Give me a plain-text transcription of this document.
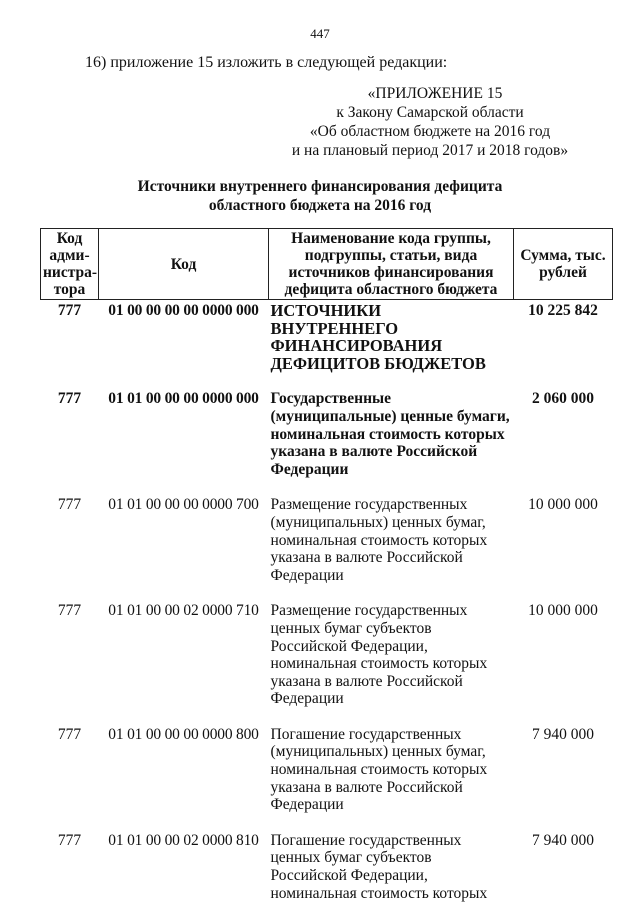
447
16) приложение 15 изложить в следующей редакции:
«ПРИЛОЖЕНИЕ 15
к Закону Самарской области
«Об областном бюджете на 2016 год
и на плановый период 2017 и 2018 годов»
Источники внутреннего финансирования дефицита
областного бюджета на 2016 год
Код адми-нистра-тора	Код	Наименование кода группы, подгруппы, статьи, вида источников финансирования дефицита областного бюджета	Сумма, тыс. рублей
777	01 00 00 00 00 0000 000	ИСТОЧНИКИ ВНУТРЕННЕГО ФИНАНСИРОВАНИЯ ДЕФИЦИТОВ БЮДЖЕТОВ	10 225 842
777	01 01 00 00 00 0000 000	Государственные (муниципальные) ценные бумаги, номинальная стоимость которых указана в валюте Российской Федерации	2 060 000
777	01 01 00 00 00 0000 700	Размещение государственных (муниципальных) ценных бумаг, номинальная стоимость которых указана в валюте Российской Федерации	10 000 000
777	01 01 00 00 02 0000 710	Размещение государственных ценных бумаг субъектов Российской Федерации, номинальная стоимость которых указана в валюте Российской Федерации	10 000 000
777	01 01 00 00 00 0000 800	Погашение государственных (муниципальных) ценных бумаг, номинальная стоимость которых указана в валюте Российской Федерации	7 940 000
777	01 01 00 00 02 0000 810	Погашение государственных ценных бумаг субъектов Российской Федерации, номинальная стоимость которых	7 940 000
